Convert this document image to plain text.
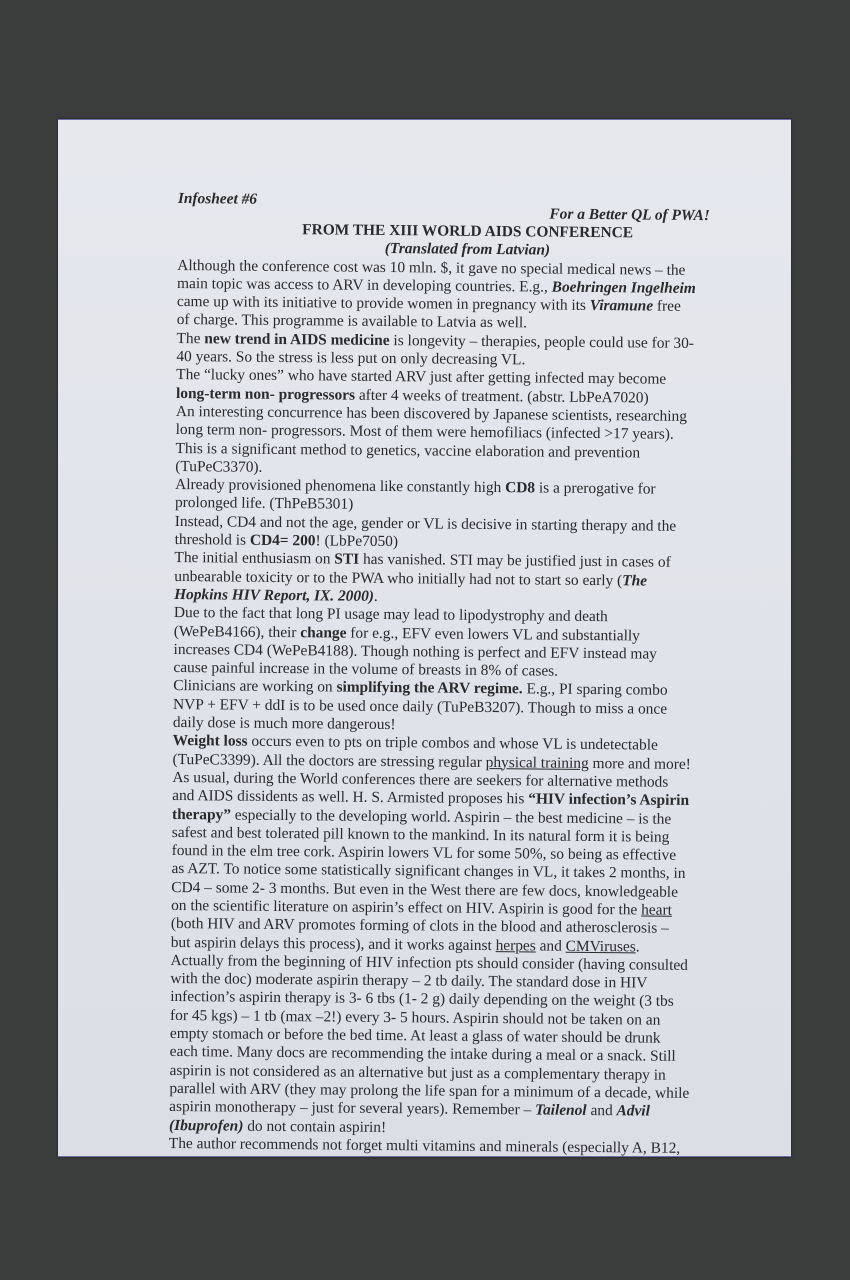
Infosheet #6
For a Better QL of PWA!
FROM THE XIII WORLD AIDS CONFERENCE
(Translated from Latvian)

Although the conference cost was 10 mln. $, it gave no special medical news – the main topic was access to ARV in developing countries. E.g., Boehringen Ingelheim came up with its initiative to provide women in pregnancy with its Viramune free of charge. This programme is available to Latvia as well.

The new trend in AIDS medicine is longevity – therapies, people could use for 30-40 years. So the stress is less put on only decreasing VL.

The “lucky ones” who have started ARV just after getting infected may become long-term non- progressors after 4 weeks of treatment. (abstr. LbPeA7020)

An interesting concurrence has been discovered by Japanese scientists, researching long term non- progressors. Most of them were hemofiliacs (infected >17 years). This is a significant method to genetics, vaccine elaboration and prevention (TuPeC3370).

Already provisioned phenomena like constantly high CD8 is a prerogative for prolonged life. (ThPeB5301)

Instead, CD4 and not the age, gender or VL is decisive in starting therapy and the threshold is CD4= 200! (LbPe7050)

The initial enthusiasm on STI has vanished. STI may be justified just in cases of unbearable toxicity or to the PWA who initially had not to start so early (The Hopkins HIV Report, IX. 2000).

Due to the fact that long PI usage may lead to lipodystrophy and death (WePeB4166), their change for e.g., EFV even lowers VL and substantially increases CD4 (WePeB4188). Though nothing is perfect and EFV instead may cause painful increase in the volume of breasts in 8% of cases.

Clinicians are working on simplifying the ARV regime. E.g., PI sparing combo NVP + EFV + ddI is to be used once daily (TuPeB3207). Though to miss a once daily dose is much more dangerous!

Weight loss occurs even to pts on triple combos and whose VL is undetectable (TuPeC3399). All the doctors are stressing regular physical training more and more!

As usual, during the World conferences there are seekers for alternative methods and AIDS dissidents as well. H. S. Armisted proposes his “HIV infection’s Aspirin therapy” especially to the developing world. Aspirin – the best medicine – is the safest and best tolerated pill known to the mankind. In its natural form it is being found in the elm tree cork. Aspirin lowers VL for some 50%, so being as effective as AZT. To notice some statistically significant changes in VL, it takes 2 months, in CD4 – some 2- 3 months. But even in the West there are few docs, knowledgeable on the scientific literature on aspirin’s effect on HIV. Aspirin is good for the heart (both HIV and ARV promotes forming of clots in the blood and atherosclerosis – but aspirin delays this process), and it works against herpes and CMViruses. Actually from the beginning of HIV infection pts should consider (having consulted with the doc) moderate aspirin therapy – 2 tb daily. The standard dose in HIV infection’s aspirin therapy is 3- 6 tbs (1- 2 g) daily depending on the weight (3 tbs for 45 kgs) – 1 tb (max –2!) every 3- 5 hours. Aspirin should not be taken on an empty stomach or before the bed time. At least a glass of water should be drunk each time. Many docs are recommending the intake during a meal or a snack. Still aspirin is not considered as an alternative but just as a complementary therapy in parallel with ARV (they may prolong the life span for a minimum of a decade, while aspirin monotherapy – just for several years). Remember – Tailenol and Advil (Ibuprofen) do not contain aspirin!

The author recommends not forget multi vitamins and minerals (especially A, B12,
